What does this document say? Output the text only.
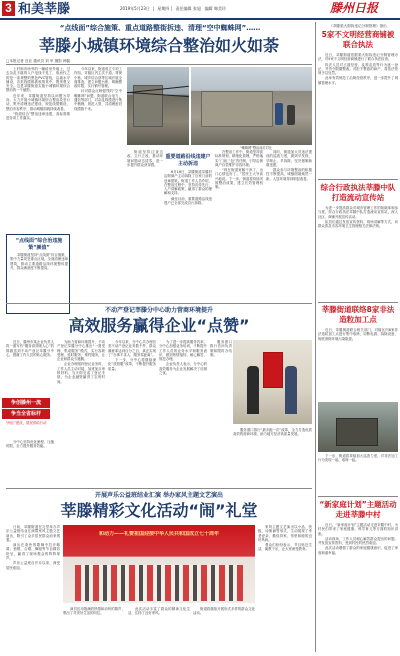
3 和美莘滕	2019年5月23日  │  星期四 │  责任编辑 张旭 编辑 韩美玲	滕州日报
“点线面”综合施策、重点道路整街拆违、清理“空中蜘蛛网”……
莘滕小城镇环境综合整治如火如荼
□本报记者 宫业 通讯员 刘 甲 摄影 韩磊

上村和市场旁的一幢砖房外墙上，过去杂乱不堪的入户电线不见了，取而代之的是一条规整的黑色PVC管线，沿墙水平铺设，各类线缆都被收纳其中，既美观又安全。这是莘滕街道实施小城镇环境综合整治的一个缩影。

近年来，莘滕街道坚持以问题为导向，大力开展小城镇环境综合整治攻坚行动，集中清理违法建设、规范线缆敷设、整治市容秩序，推动城镇面貌持续改善。

“线面结合”整治违章违建，高标准推进各项工作落实。

“点线面”综合治违施策“颜值”

莘滕街道坚持“点线面”综合施策，集中力量攻坚重点区域，全面清理违章建筑，推动主要道路沿线环境整体提升，群众满意度不断提高。

今年以来，街道成立专项工作组，对辖区内主次干道、背街小巷、城乡结合部等区域开展全面排查，建立问题台账，明确整改时限，实行销号管理。

针对群众反映强烈的“空中蜘蛛网”问题，街道联合电力、通信等部门，对杂乱线缆进行集中梳理、规范入管，共清理废旧线缆数千米。

“蜘蛛网”整治前后对比
重要道路沿线违建户主动拆违

街道坚持边查边改、立行立改，推动环境问题动态清零，进一步提升群众获得感。

6月18日，莘滕街道莘滕村沿街商户主动拆除了自家门前的违章建筑。街道工作人员介绍，在整治过程中，坚持宣传先行，入户讲解政策，赢得了群众的理解和支持。

截至目前，重要道路沿线违建户已全部完成自行拆除。

在整治工作中，街道坚持高标准规划、精细化管理，严格落实“门前三包”责任制，引导沿街商户自觉维护市容环境。

“现在街道宽敞干净了，出门心情也好了。”居民王大爷高兴地说。下一步，街道将持续巩固整治成果，建立长效管理机制。

同时，街道加大对违法建设的巡查力度，做到早发现、早制止、早拆除，坚决遏制新增违建。

群众参与环境整治的积极性不断提高，城镇面貌焕然一新，人居环境得到明显改善。

不动产登记莘滕分中心助力营商环境提升
高效服务赢得企业“点赞”
争创滕州一流
争当全省标杆
“两区”建设，瑞民供给行动

近日，滕州市某企业负责人将一面写有“服务高效暖人心”的锦旗送到不动产登记莘滕分中心，感谢工作人员的贴心服务。

分中心坚持优化流程、压缩时限，全力提升服务效能。

为助力营商环境提升，不动产登记莘滕分中心推出“一窗受理、集成服务”模式，实行容缺受理、延时服务、预约服务，让企业和群众少跑腿。

企业办理抵押登记业务时，工作人员主动对接，加班加点审核材料，当天即完成了登记手续，为企业融资赢得了宝贵时间。

今年以来，分中心共办理各类不动产登记业务数千件，群众满意率达到百分之百，真正实现了“办事不求人、服务零距离”。

下一步，分中心将继续深化“放管服”改革，不断提升服务质量。

为了进一步提高服务效率，分中心加强业务培训，不断提升工作人员的业务水平和服务意识，做到热情接待、耐心解答、规范办理。

企业负责人表示，分中心的高效服务为企业发展解决了后顾之忧。

服务窗口推行首问负责制和限时办结制。

服务窗口推行“最多跑一次”改革，全力打造优质高效的营商环境，助力地方经济高质量发展。

开展声乐公益班结业汇演 举办家风主题文艺演出
莘滕精彩文化活动“闹”礼堂

日前，莘滕街道在礼堂举办声乐公益班结业汇演暨家风主题文艺演出，吸引了众多居民群众前来观看。

演出在欢快的歌舞中拉开帷幕，独唱、合唱、舞蹈等节目精彩纷呈，赢得了现场观众的阵阵掌声。

声乐公益班自开办以来，深受居民欢迎。

和动力——礼赞祖国迎接中华人民共和国成立七十周年

演员们用饱满的热情和动听的歌声，唱出了对美好生活的向往。

此次活动丰富了群众的精神文化生活，弘扬了良好家风。

街道将继续开展形式多样的群众文化活动。

家风主题文艺演出以小品、快板、诗朗诵等形式，生动展现了孝老爱亲、勤俭持家、邻里和睦的良好风尚。

观众们纷纷表示，节目贴近生活，寓教于乐，让大家深受教育。

《莘滕梁大街拆违记分制管理》指出
5家不文明经营商铺被联合执法

近日，莘滕街道依据梁大街拆违记分制管理办法，对5家不文明经营商铺进行了联合执法检查。

执法人员对占道经营、乱堆乱放等行为逐一登记，并责令限期整改。对拒不整改的商户，将依法依规予以处罚。

此举有效规范了沿街经营秩序，进一步提升了城镇管理水平。

综合行政执法莘滕中队打造流动宣传站

为进一步提高群众对城市管理工作的知晓率和参与度，综合行政执法莘滕中队打造流动宣传站，深入社区、商铺开展宣传活动。

队员们通过发放宣传资料、现场讲解等方式，向群众普及市容环境卫生管理相关法律法规。

莘滕街道联络8家非法造粒加工点

近日，莘滕街道联合相关部门，对辖区内8家非法造粒加工点进行集中取缔，切断电源、拆除设备，彻底消除环境污染隐患。

下一步，街道将持续加大巡查力度，对非法加工行为发现一起、取缔一起。

“新家庭计划”主题活动走进莘滕中村

近日，“新家庭计划”主题活动走进莘滕中村，为村民们带来了家庭健康、科学育儿等方面的知识讲座。

活动现场，工作人员耐心解答群众提出的问题，并发放宣传资料，受到村民的热烈欢迎。

此次活动增强了群众的家庭健康意识，促进了家庭和谐幸福。
